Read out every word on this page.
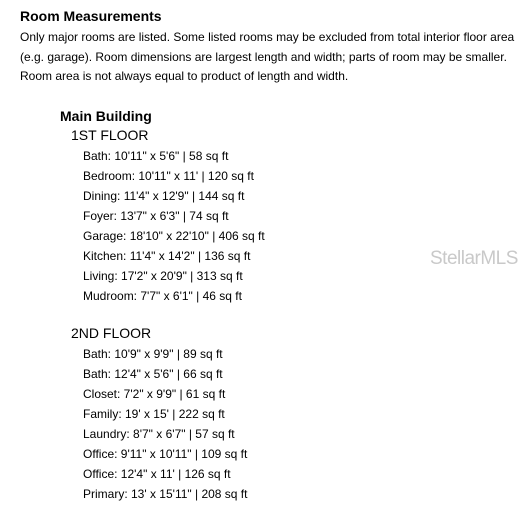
Room Measurements
Only major rooms are listed. Some listed rooms may be excluded from total interior floor area (e.g. garage). Room dimensions are largest length and width; parts of room may be smaller. Room area is not always equal to product of length and width.
Main Building
1ST FLOOR
Bath: 10'11" x 5'6" | 58 sq ft
Bedroom: 10'11" x 11' | 120 sq ft
Dining: 11'4" x 12'9" | 144 sq ft
Foyer: 13'7" x 6'3" | 74 sq ft
Garage: 18'10" x 22'10" | 406 sq ft
Kitchen: 11'4" x 14'2" | 136 sq ft
Living: 17'2" x 20'9" | 313 sq ft
Mudroom: 7'7" x 6'1" | 46 sq ft
2ND FLOOR
Bath: 10'9" x 9'9" | 89 sq ft
Bath: 12'4" x 5'6" | 66 sq ft
Closet: 7'2" x 9'9" | 61 sq ft
Family: 19' x 15' | 222 sq ft
Laundry: 8'7" x 6'7" | 57 sq ft
Office: 9'11" x 10'11" | 109 sq ft
Office: 12'4" x 11' | 126 sq ft
Primary: 13' x 15'11" | 208 sq ft
StellarMLS
